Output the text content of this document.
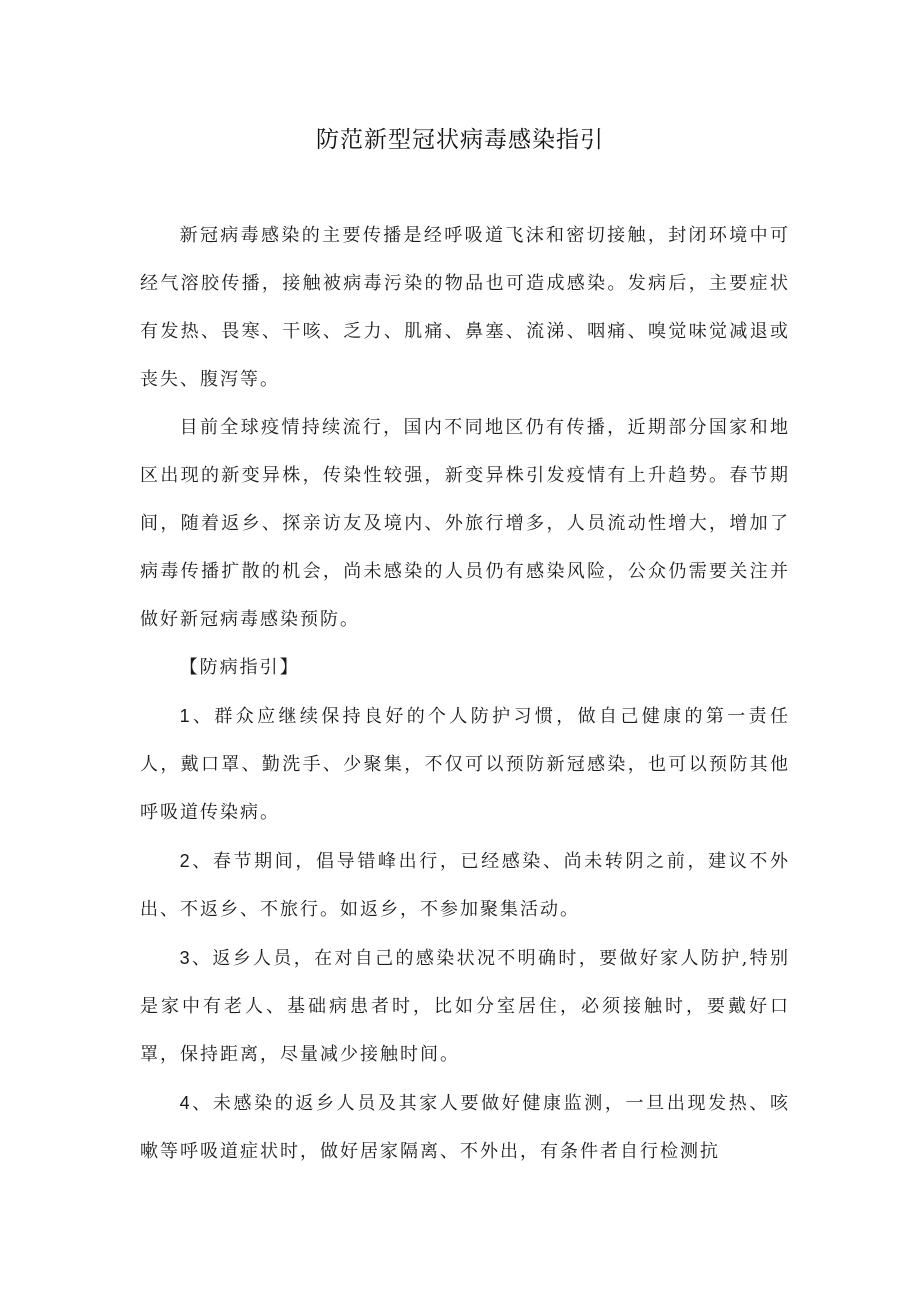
防范新型冠状病毒感染指引

新冠病毒感染的主要传播是经呼吸道飞沫和密切接触，封闭环境中可经气溶胶传播，接触被病毒污染的物品也可造成感染。发病后，主要症状有发热、畏寒、干咳、乏力、肌痛、鼻塞、流涕、咽痛、嗅觉味觉减退或丧失、腹泻等。

目前全球疫情持续流行，国内不同地区仍有传播，近期部分国家和地区出现的新变异株，传染性较强，新变异株引发疫情有上升趋势。春节期间，随着返乡、探亲访友及境内、外旅行增多，人员流动性增大，增加了病毒传播扩散的机会，尚未感染的人员仍有感染风险，公众仍需要关注并做好新冠病毒感染预防。

【防病指引】

1、群众应继续保持良好的个人防护习惯，做自己健康的第一责任人，戴口罩、勤洗手、少聚集，不仅可以预防新冠感染，也可以预防其他呼吸道传染病。

2、春节期间，倡导错峰出行，已经感染、尚未转阴之前，建议不外出、不返乡、不旅行。如返乡，不参加聚集活动。

3、返乡人员，在对自己的感染状况不明确时，要做好家人防护,特别是家中有老人、基础病患者时，比如分室居住，必须接触时，要戴好口罩，保持距离，尽量减少接触时间。

4、未感染的返乡人员及其家人要做好健康监测，一旦出现发热、咳嗽等呼吸道症状时，做好居家隔离、不外出，有条件者自行检测抗
